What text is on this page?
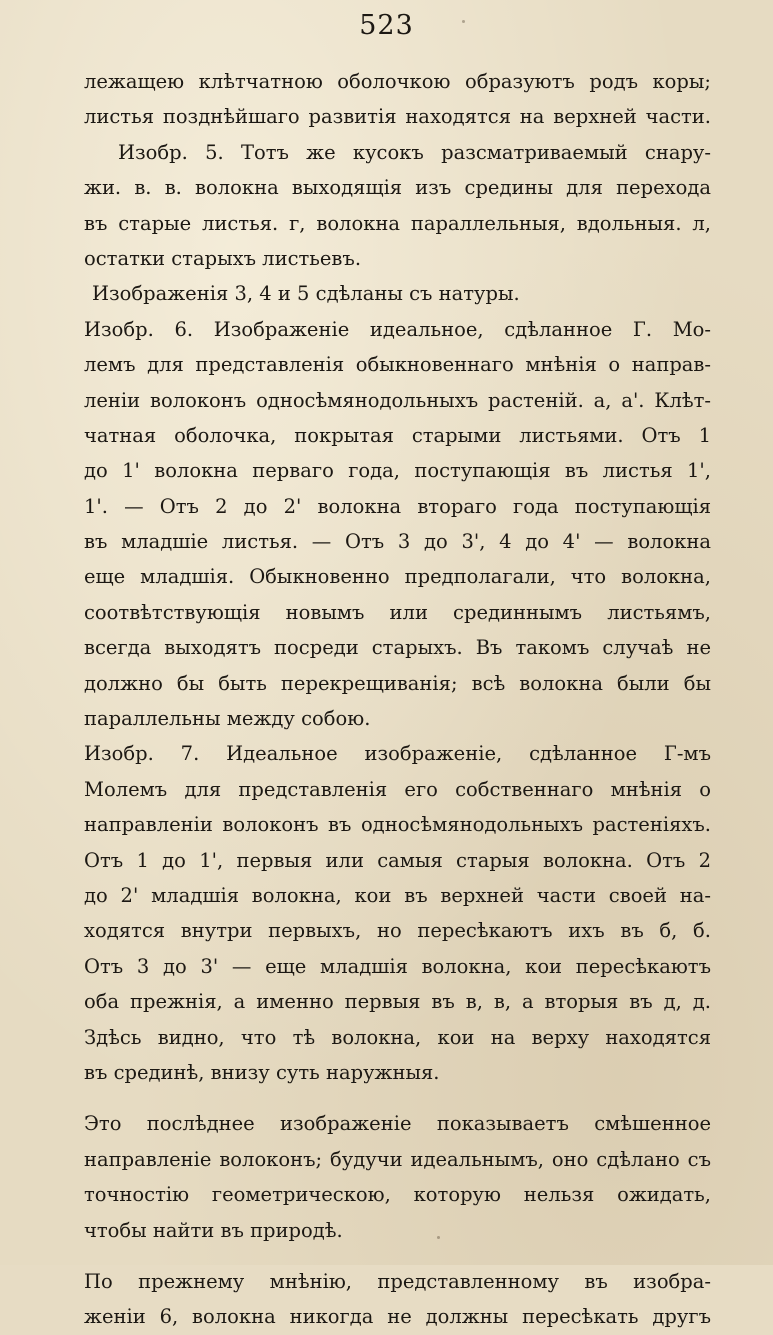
523
лежащею клѣтчатною оболочкою образуютъ родъ коры;
листья позднѣйшаго развитія находятся на верхней части.
Изобр. 5. Тотъ же кусокъ разсматриваемый снару-
жи. в. в. волокна выходящія изъ средины для перехода
въ старые листья. г, волокна параллельныя, вдольныя. л,
остатки старыхъ листьевъ.
Изображенія 3, 4 и 5 сдѣланы съ натуры.
Изобр. 6. Изображеніе идеальное, сдѣланное Г. Мо-
лемъ для представленія обыкновеннаго мнѣнія о направ-
леніи волоконъ односѣмянодольныхъ растеній. а, а'. Клѣт-
чатная оболочка, покрытая старыми листьями. Отъ 1
до 1' волокна перваго года, поступающія въ листья 1',
1'. — Отъ 2 до 2' волокна втораго года поступающія
въ младшіе листья. — Отъ 3 до 3', 4 до 4' — волокна
еще младшія. Обыкновенно предполагали, что волокна,
соотвѣтствующія новымъ или срединнымъ листьямъ,
всегда выходятъ посреди старыхъ. Въ такомъ случаѣ не
должно бы быть перекрещиванія; всѣ волокна были бы
параллельны между собою.
Изобр. 7. Идеальное изображеніе, сдѣланное Г-мъ
Молемъ для представленія его собственнаго мнѣнія о
направленіи волоконъ въ односѣмянодольныхъ растеніяхъ.
Отъ 1 до 1', первыя или самыя старыя волокна. Отъ 2
до 2' младшія волокна, кои въ верхней части своей на-
ходятся внутри первыхъ, но пересѣкаютъ ихъ въ б, б.
Отъ 3 до 3' — еще младшія волокна, кои пересѣкаютъ
оба прежнія, а именно первыя въ в, в, а вторыя въ д, д.
Здѣсь видно, что тѣ волокна, кои на верху находятся
въ срединѣ, внизу суть наружныя.
Это послѣднее изображеніе показываетъ смѣшенное
направленіе волоконъ; будучи идеальнымъ, оно сдѣлано съ
точностію геометрическою, которую нельзя ожидать,
чтобы найти въ природѣ.
По прежнему мнѣнію, представленному въ изобра-
женіи 6, волокна никогда не должны пересѣкать другъ
